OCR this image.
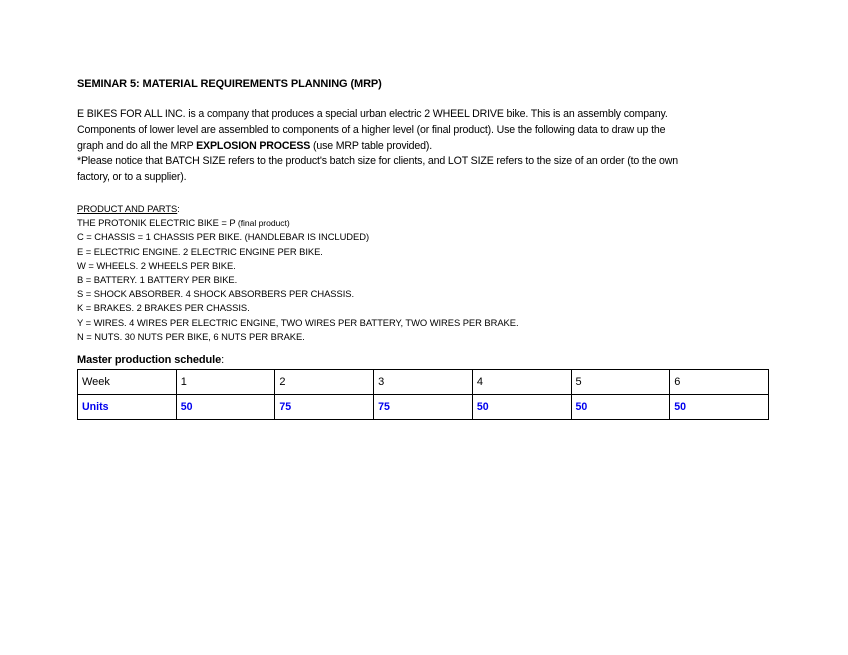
SEMINAR 5: MATERIAL REQUIREMENTS PLANNING (MRP)

E BIKES FOR ALL INC. is a company that produces a special urban electric 2 WHEEL DRIVE bike. This is an assembly company.

Components of lower level are assembled to components of a higher level (or final product). Use the following data to draw up the

graph and do all the MRP EXPLOSION PROCESS (use MRP table provided).

*Please notice that BATCH SIZE refers to the product's batch size for clients, and LOT SIZE refers to the size of an order (to the own

factory, or to a supplier).

PRODUCT AND PARTS:
THE PROTONIK ELECTRIC BIKE = P (final product)
C = CHASSIS = 1 CHASSIS PER BIKE. (HANDLEBAR IS INCLUDED)
E = ELECTRIC ENGINE. 2 ELECTRIC ENGINE PER BIKE.
W = WHEELS. 2 WHEELS PER BIKE.
B = BATTERY. 1 BATTERY PER BIKE.
S = SHOCK ABSORBER. 4 SHOCK ABSORBERS PER CHASSIS.
K = BRAKES. 2 BRAKES PER CHASSIS.
Y = WIRES. 4 WIRES PER ELECTRIC ENGINE, TWO WIRES PER BATTERY, TWO WIRES PER BRAKE.
N = NUTS. 30 NUTS PER BIKE, 6 NUTS PER BRAKE.
Master production schedule:
Week	1	2	3	4	5	6
Units	50	75	75	50	50	50
